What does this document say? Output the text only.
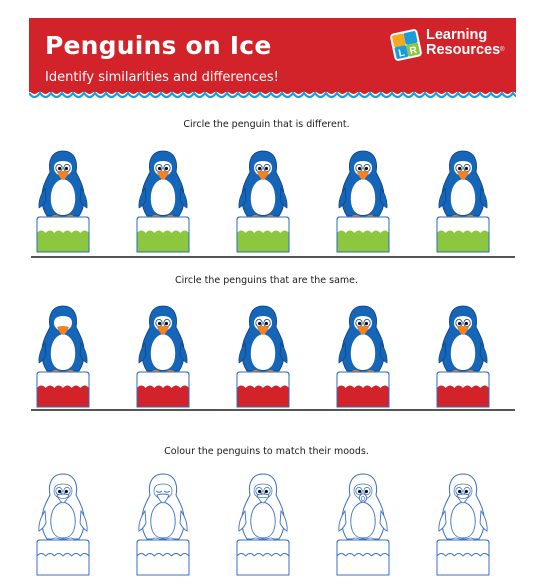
Penguins on Ice
Identify similarities and differences!
L R
Learning
Resources®
Circle the penguin that is different.
Circle the penguins that are the same.
Colour the penguins to match their moods.
